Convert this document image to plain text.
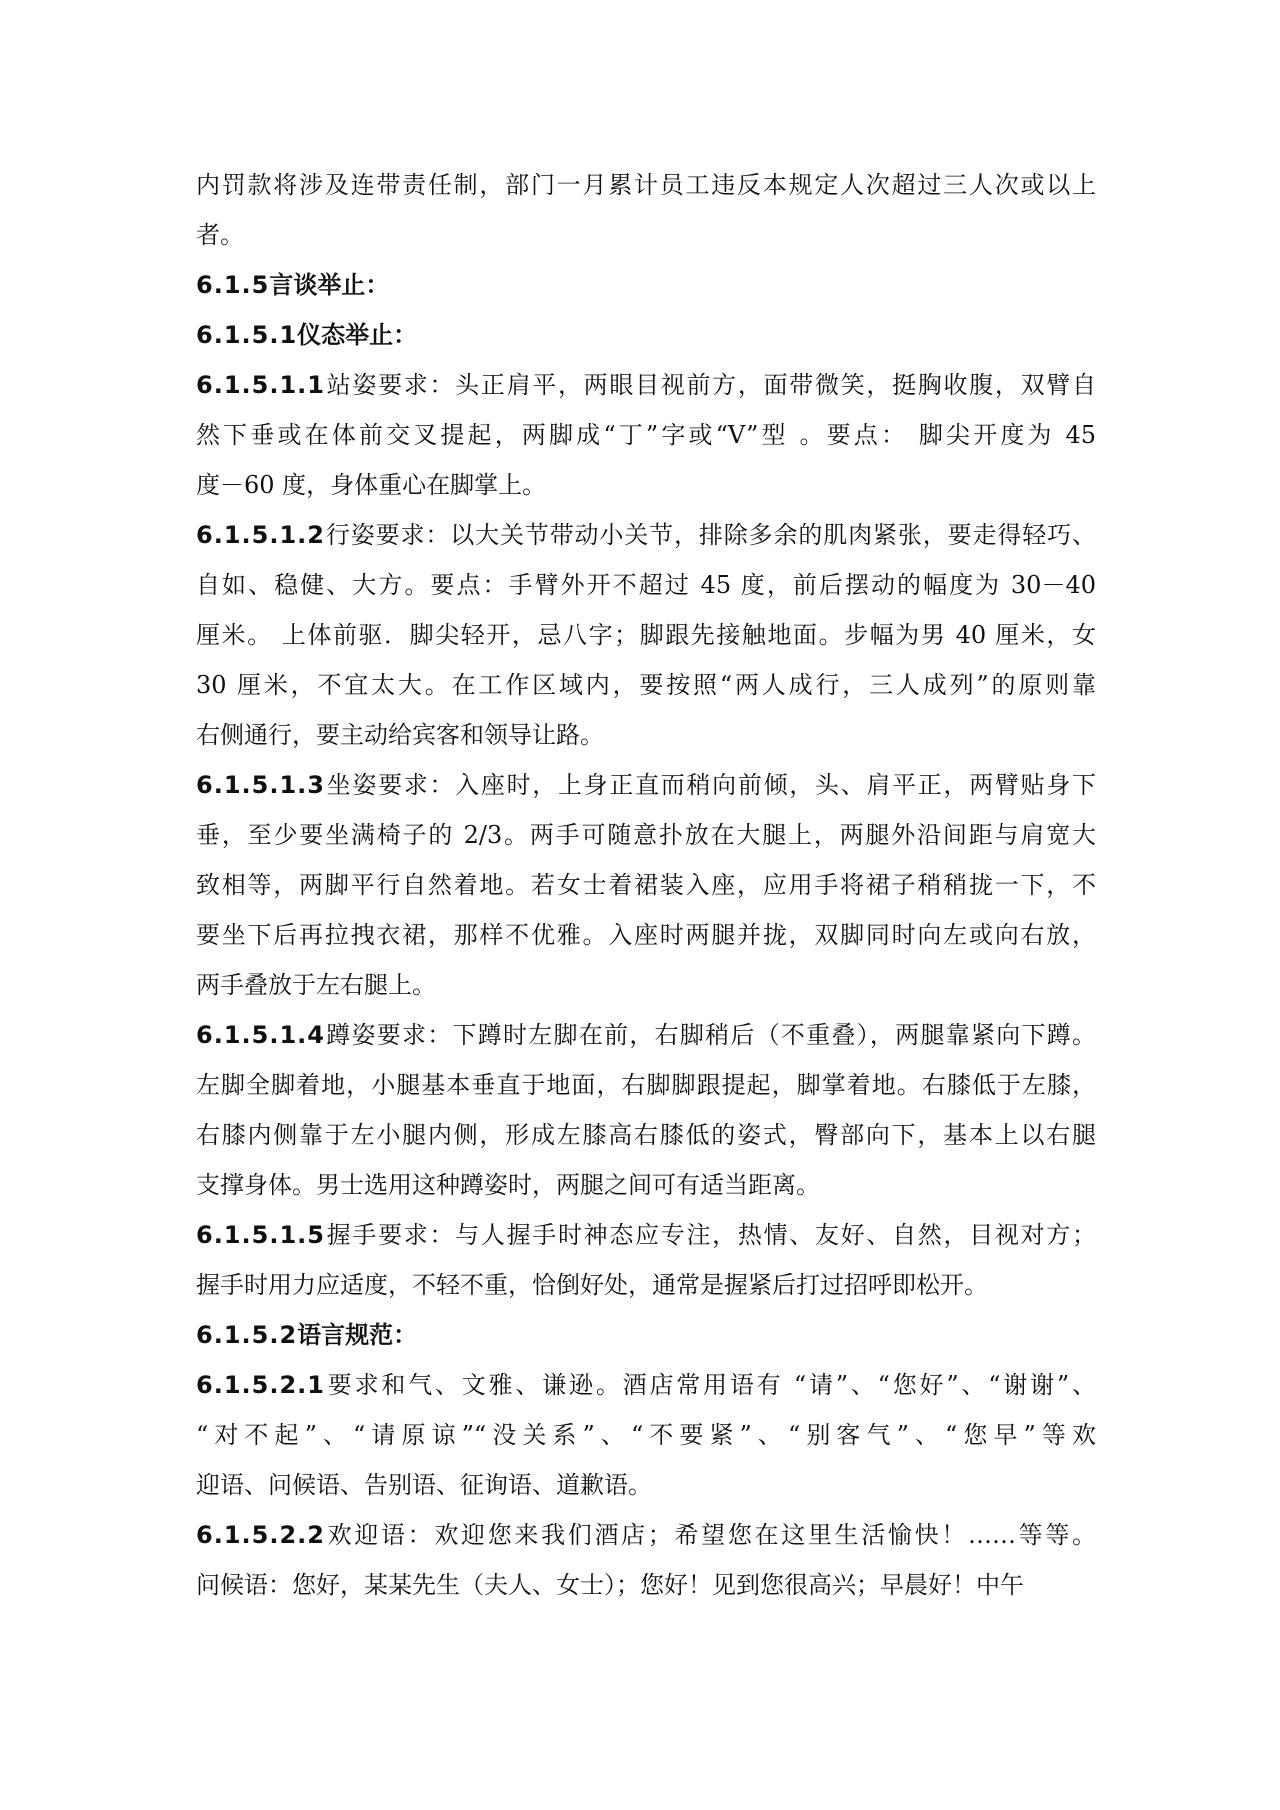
内罚款将涉及连带责任制，部门一月累计员工违反本规定人次超过三人次或以上
者。
6.1.5言谈举止：
6.1.5.1仪态举止：
6.1.5.1.1站姿要求：头正肩平，两眼目视前方，面带微笑，挺胸收腹，双臂自
然下垂或在体前交叉提起，两脚成“丁”字或“V”型 。要点： 脚尖开度为 45
度－60 度，身体重心在脚掌上。
6.1.5.1.2行姿要求：以大关节带动小关节，排除多余的肌肉紧张，要走得轻巧、
自如、稳健、大方。要点：手臂外开不超过 45 度，前后摆动的幅度为 30－40
厘米。 上体前驱．脚尖轻开，忌八字；脚跟先接触地面。步幅为男 40 厘米，女
30 厘米，不宜太大。在工作区域内，要按照“两人成行，三人成列”的原则靠
右侧通行，要主动给宾客和领导让路。
6.1.5.1.3坐姿要求：入座时，上身正直而稍向前倾，头、肩平正，两臂贴身下
垂，至少要坐满椅子的 2/3。两手可随意扑放在大腿上，两腿外沿间距与肩宽大
致相等，两脚平行自然着地。若女士着裙装入座，应用手将裙子稍稍拢一下，不
要坐下后再拉拽衣裙，那样不优雅。入座时两腿并拢，双脚同时向左或向右放，
两手叠放于左右腿上。
6.1.5.1.4蹲姿要求：下蹲时左脚在前，右脚稍后（不重叠），两腿靠紧向下蹲。
左脚全脚着地，小腿基本垂直于地面，右脚脚跟提起，脚掌着地。右膝低于左膝，
右膝内侧靠于左小腿内侧，形成左膝高右膝低的姿式，臀部向下，基本上以右腿
支撑身体。男士选用这种蹲姿时，两腿之间可有适当距离。
6.1.5.1.5握手要求：与人握手时神态应专注，热情、友好、自然，目视对方；
握手时用力应适度，不轻不重，恰倒好处，通常是握紧后打过招呼即松开。
6.1.5.2语言规范：
6.1.5.2.1要求和气、文雅、谦逊。酒店常用语有 “请”、“您好”、“谢谢”、
“对不起”、“请原谅”“没关系”、“不要紧”、“别客气”、“您早”等欢
迎语、问候语、告别语、征询语、道歉语。
6.1.5.2.2欢迎语：欢迎您来我们酒店；希望您在这里生活愉快！……等等。
问候语：您好，某某先生（夫人、女士）；您好！见到您很高兴；早晨好！中午
